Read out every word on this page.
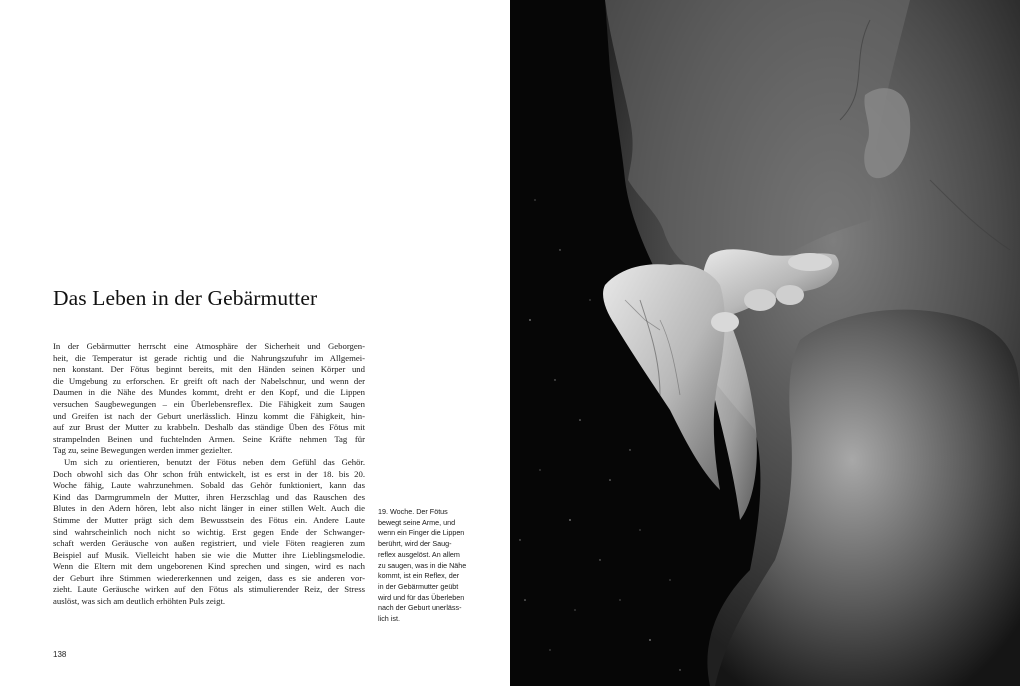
Das Leben in der Gebärmutter
In der Gebärmutter herrscht eine Atmosphäre der Sicherheit und Geborgen-
heit, die Temperatur ist gerade richtig und die Nahrungszufuhr im Allgemei-
nen konstant. Der Fötus beginnt bereits, mit den Händen seinen Körper und
die Umgebung zu erforschen. Er greift oft nach der Nabelschnur, und wenn der
Daumen in die Nähe des Mundes kommt, dreht er den Kopf, und die Lippen
versuchen Saugbewegungen – ein Überlebensreflex. Die Fähigkeit zum Saugen
und Greifen ist nach der Geburt unerlässlich. Hinzu kommt die Fähigkeit, hin-
auf zur Brust der Mutter zu krabbeln. Deshalb das ständige Üben des Fötus mit
strampelnden Beinen und fuchtelnden Armen. Seine Kräfte nehmen Tag für
Tag zu, seine Bewegungen werden immer gezielter.
Um sich zu orientieren, benutzt der Fötus neben dem Gefühl das Gehör.
Doch obwohl sich das Ohr schon früh entwickelt, ist es erst in der 18. bis 20.
Woche fähig, Laute wahrzunehmen. Sobald das Gehör funktioniert, kann das
Kind das Darmgrummeln der Mutter, ihren Herzschlag und das Rauschen des
Blutes in den Adern hören, lebt also nicht länger in einer stillen Welt. Auch die
Stimme der Mutter prägt sich dem Bewusstsein des Fötus ein. Andere Laute
sind wahrscheinlich noch nicht so wichtig. Erst gegen Ende der Schwanger-
schaft werden Geräusche von außen registriert, und viele Föten reagieren zum
Beispiel auf Musik. Vielleicht haben sie wie die Mutter ihre Lieblingsmelodie.
Wenn die Eltern mit dem ungeborenen Kind sprechen und singen, wird es nach
der Geburt ihre Stimmen wiedererkennen und zeigen, dass es sie anderen vor-
zieht. Laute Geräusche wirken auf den Fötus als stimulierender Reiz, der Stress
auslöst, was sich am deutlich erhöhten Puls zeigt.
19. Woche. Der Fötus
bewegt seine Arme, und
wenn ein Finger die Lippen
berührt, wird der Saug-
reflex ausgelöst. An allem
zu saugen, was in die Nähe
kommt, ist ein Reflex, der
in der Gebärmutter geübt
wird und für das Überleben
nach der Geburt unerläss-
lich ist.
138
